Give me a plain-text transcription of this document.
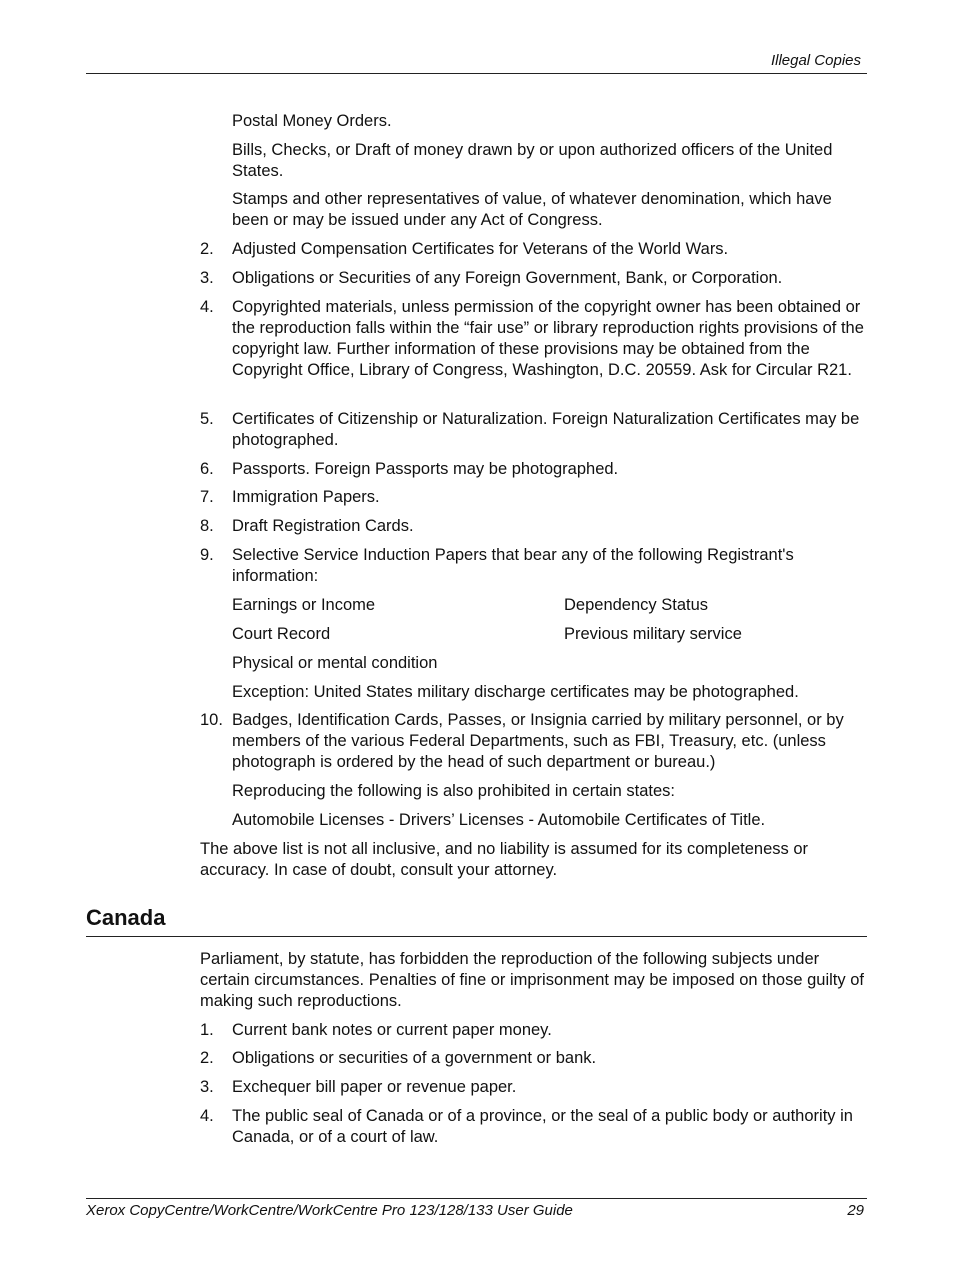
Illegal Copies
Postal Money Orders.
Bills, Checks, or Draft of money drawn by or upon authorized officers of the United States.
Stamps and other representatives of value, of whatever denomination, which have been or may be issued under any Act of Congress.
2. Adjusted Compensation Certificates for Veterans of the World Wars.
3. Obligations or Securities of any Foreign Government, Bank, or Corporation.
4. Copyrighted materials, unless permission of the copyright owner has been obtained or the reproduction falls within the “fair use” or library reproduction rights provisions of the copyright law. Further information of these provisions may be obtained from the Copyright Office, Library of Congress, Washington, D.C. 20559. Ask for Circular R21.
5. Certificates of Citizenship or Naturalization. Foreign Naturalization Certificates may be photographed.
6. Passports. Foreign Passports may be photographed.
7. Immigration Papers.
8. Draft Registration Cards.
9. Selective Service Induction Papers that bear any of the following Registrant's information:
Earnings or Income	Dependency Status
Court Record	Previous military service
Physical or mental condition
Exception: United States military discharge certificates may be photographed.
10. Badges, Identification Cards, Passes, or Insignia carried by military personnel, or by members of the various Federal Departments, such as FBI, Treasury, etc. (unless photograph is ordered by the head of such department or bureau.)
Reproducing the following is also prohibited in certain states:
Automobile Licenses - Drivers’ Licenses - Automobile Certificates of Title.
The above list is not all inclusive, and no liability is assumed for its completeness or accuracy. In case of doubt, consult your attorney.
Canada
Parliament, by statute, has forbidden the reproduction of the following subjects under certain circumstances. Penalties of fine or imprisonment may be imposed on those guilty of making such reproductions.
1. Current bank notes or current paper money.
2. Obligations or securities of a government or bank.
3. Exchequer bill paper or revenue paper.
4. The public seal of Canada or of a province, or the seal of a public body or authority in Canada, or of a court of law.
Xerox CopyCentre/WorkCentre/WorkCentre Pro 123/128/133 User Guide	29
